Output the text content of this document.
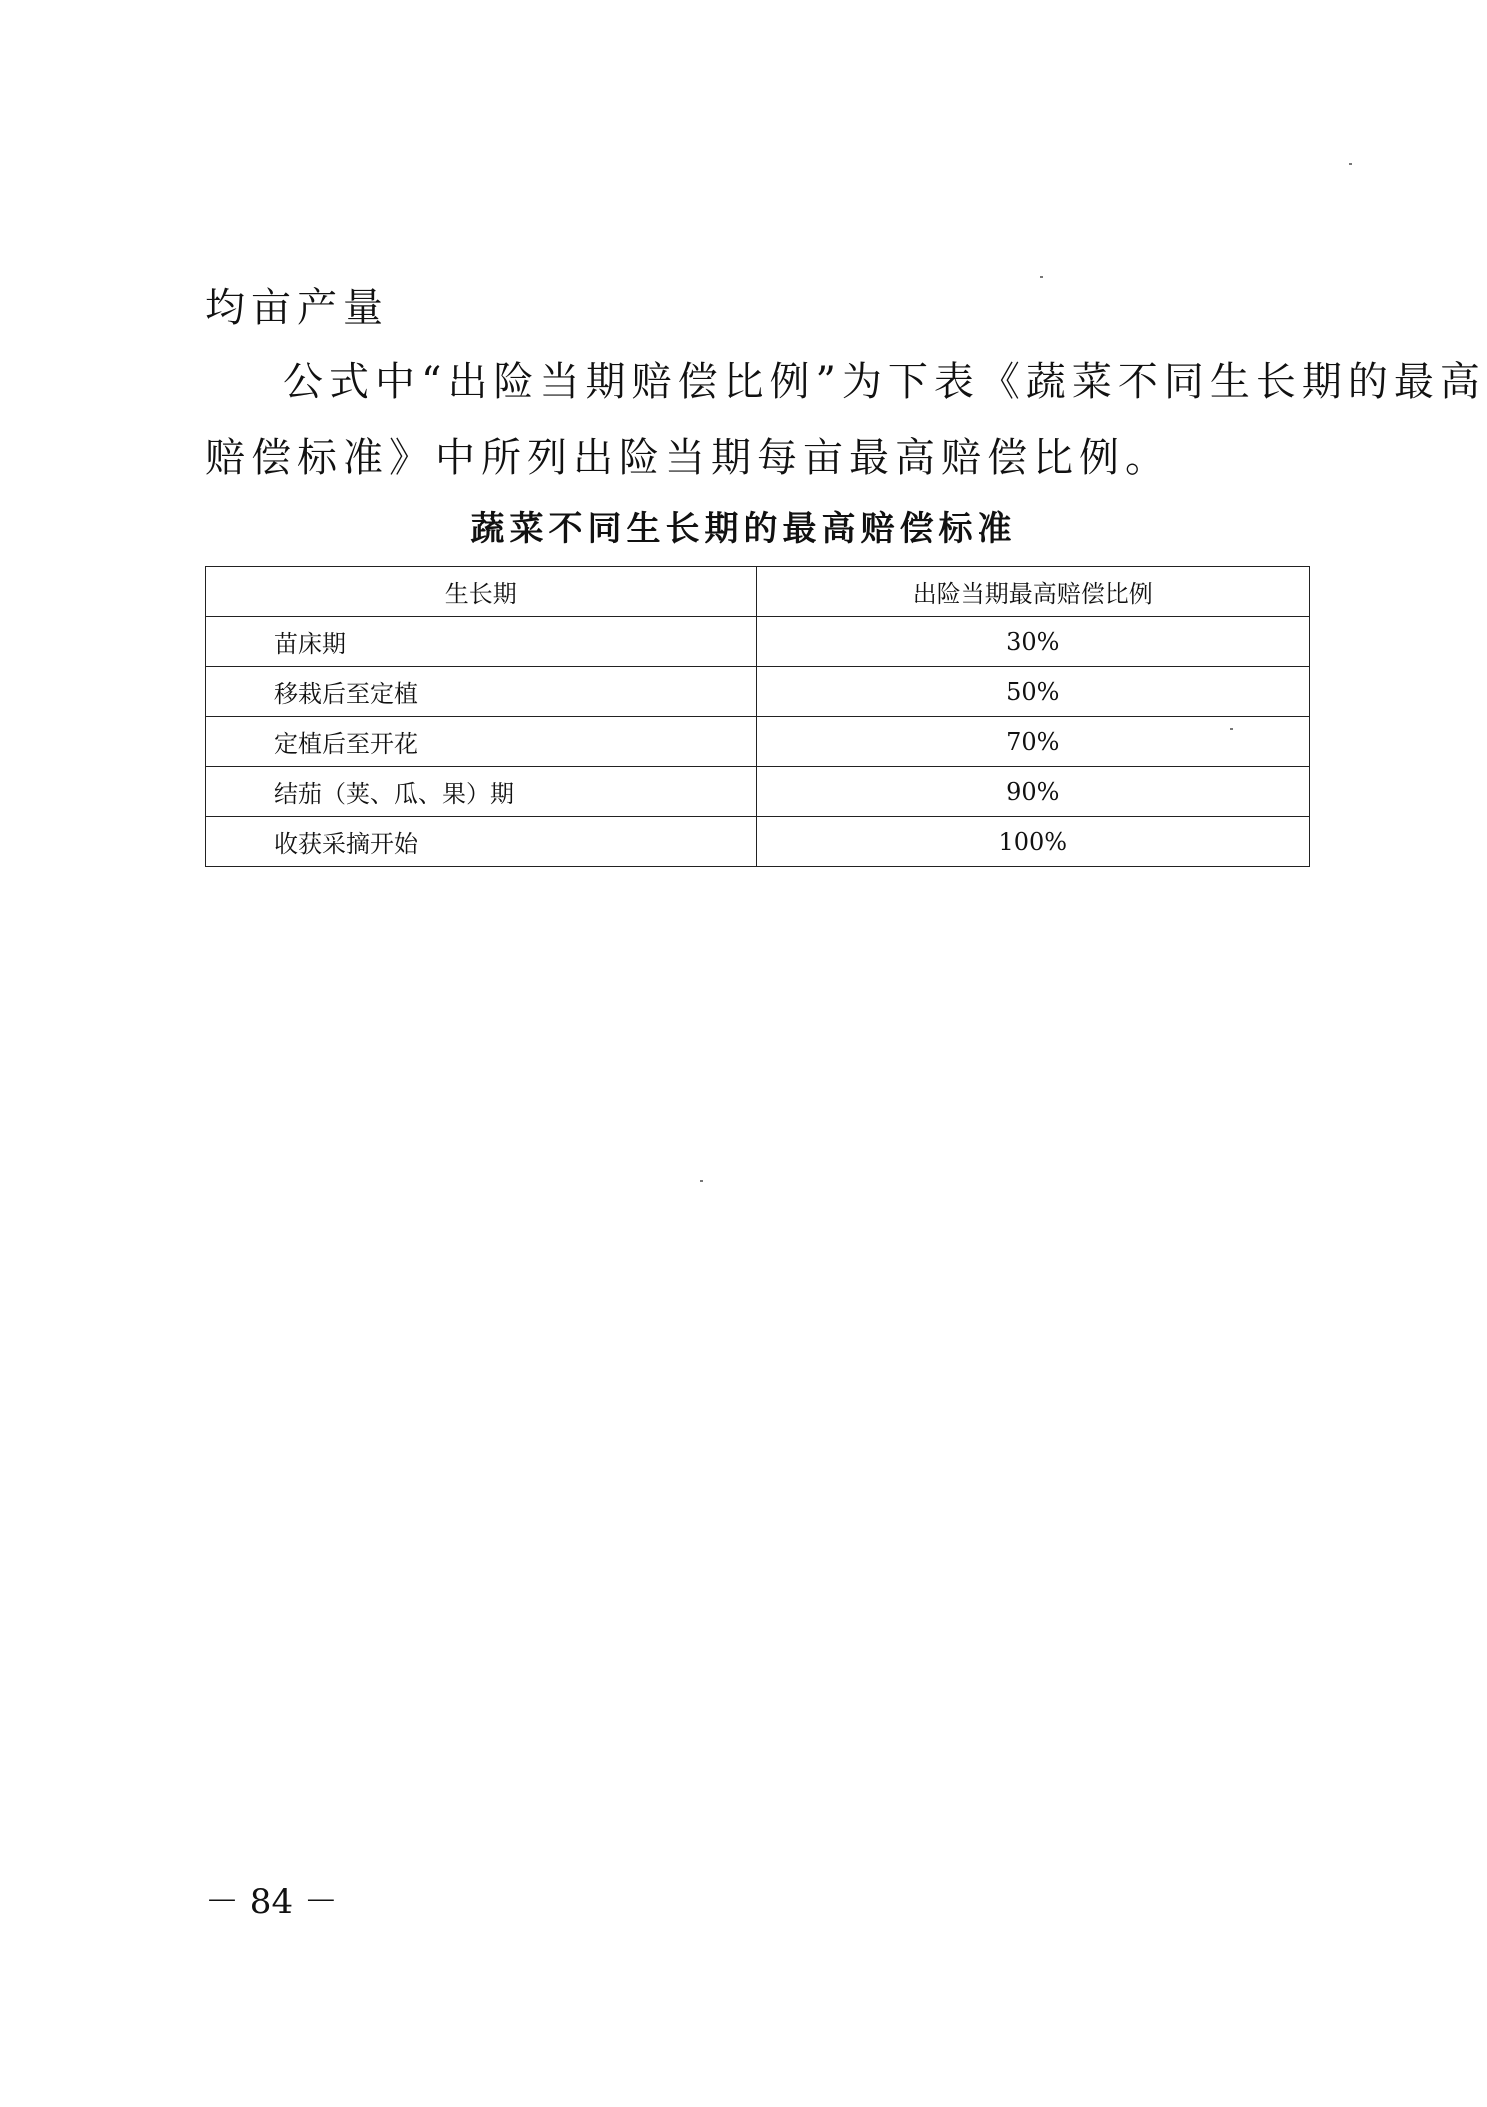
均亩产量
公式中“出险当期赔偿比例”为下表《蔬菜不同生长期的最高
赔偿标准》中所列出险当期每亩最高赔偿比例。
蔬菜不同生长期的最高赔偿标准
生长期	出险当期最高赔偿比例
苗床期	30%
移栽后至定植	50%
定植后至开花	70%
结茄（荚、瓜、果）期	90%
收获采摘开始	100%
－ 84 －
